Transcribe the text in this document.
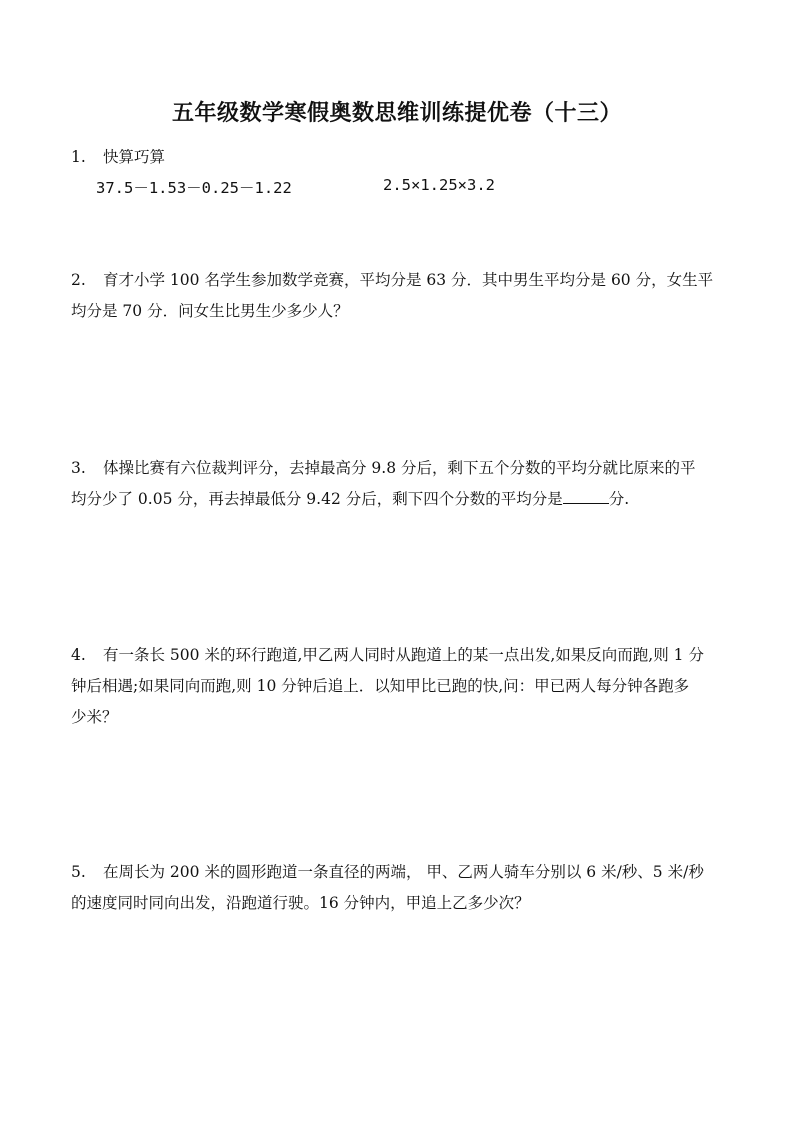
五年级数学寒假奥数思维训练提优卷（十三）
1. 快算巧算
37.5－1.53－0.25－1.22	2.5×1.25×3.2
2. 育才小学 100 名学生参加数学竞赛，平均分是 63 分．其中男生平均分是 60 分，女生平
均分是 70 分．问女生比男生少多少人？
3. 体操比赛有六位裁判评分，去掉最高分 9.8 分后，剩下五个分数的平均分就比原来的平
均分少了 0.05 分，再去掉最低分 9.42 分后，剩下四个分数的平均分是	分.
4. 有一条长 500 米的环行跑道,甲乙两人同时从跑道上的某一点出发,如果反向而跑,则 1 分
钟后相遇;如果同向而跑,则 10 分钟后追上．以知甲比已跑的快,问：甲已两人每分钟各跑多
少米？
5. 在周长为 200 米的圆形跑道一条直径的两端， 甲、乙两人骑车分别以 6 米/秒、5 米/秒
的速度同时同向出发，沿跑道行驶。16 分钟内，甲追上乙多少次？
